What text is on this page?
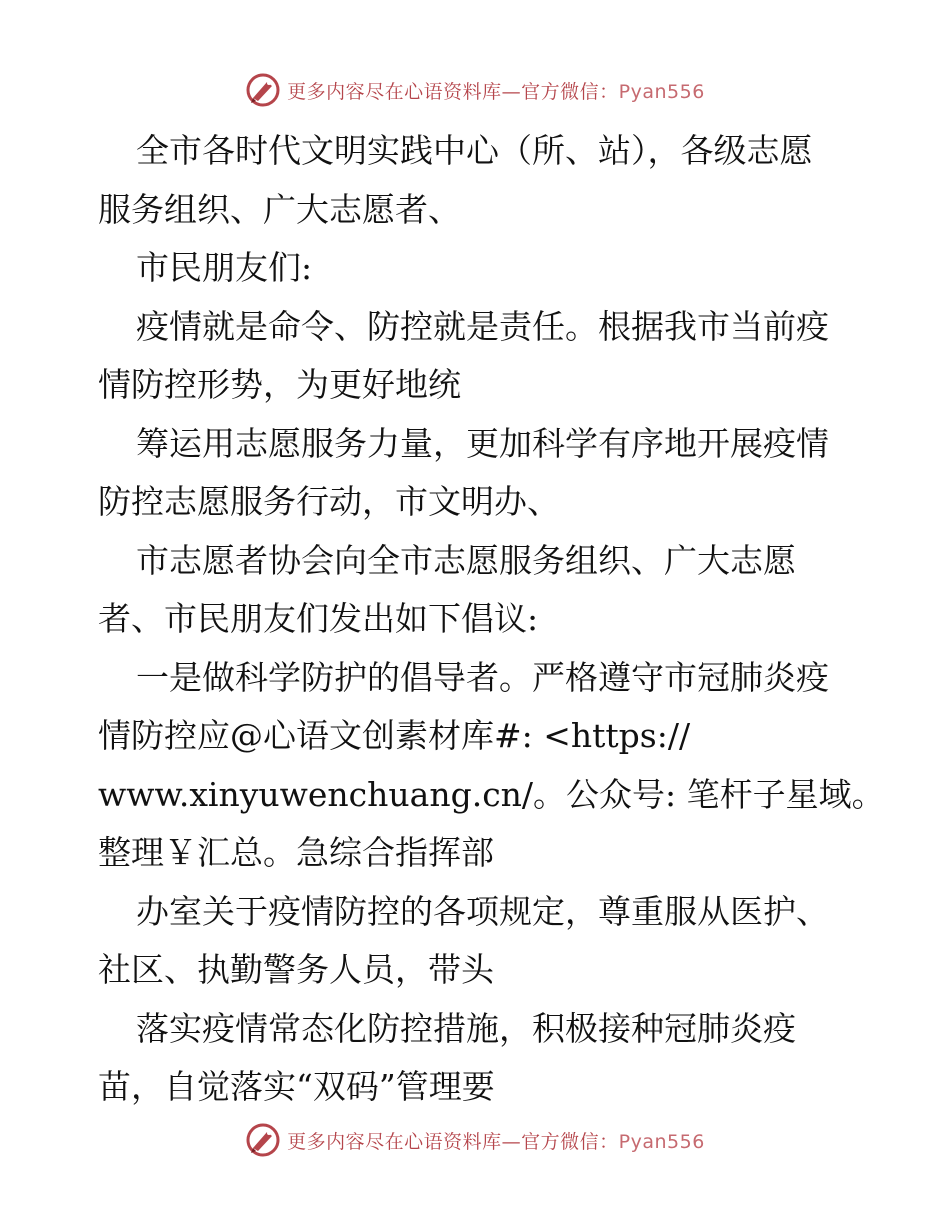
更多内容尽在心语资料库—官方微信：Pyan556

全市各时代文明实践中心（所、站），各级志愿

服务组织、广大志愿者、

市民朋友们:

疫情就是命令、防控就是责任。根据我市当前疫

情防控形势，为更好地统

筹运用志愿服务力量，更加科学有序地开展疫情

防控志愿服务行动，市文明办、

市志愿者协会向全市志愿服务组织、广大志愿

者、市民朋友们发出如下倡议:

一是做科学防护的倡导者。严格遵守市冠肺炎疫

情防控应@心语文创素材库#: <https://

www.xinyuwenchuang.cn/。公众号: 笔杆子星域。

整理￥汇总。急综合指挥部

办室关于疫情防控的各项规定，尊重服从医护、

社区、执勤警务人员，带头

落实疫情常态化防控措施，积极接种冠肺炎疫

苗，自觉落实“双码”管理要

更多内容尽在心语资料库—官方微信：Pyan556
